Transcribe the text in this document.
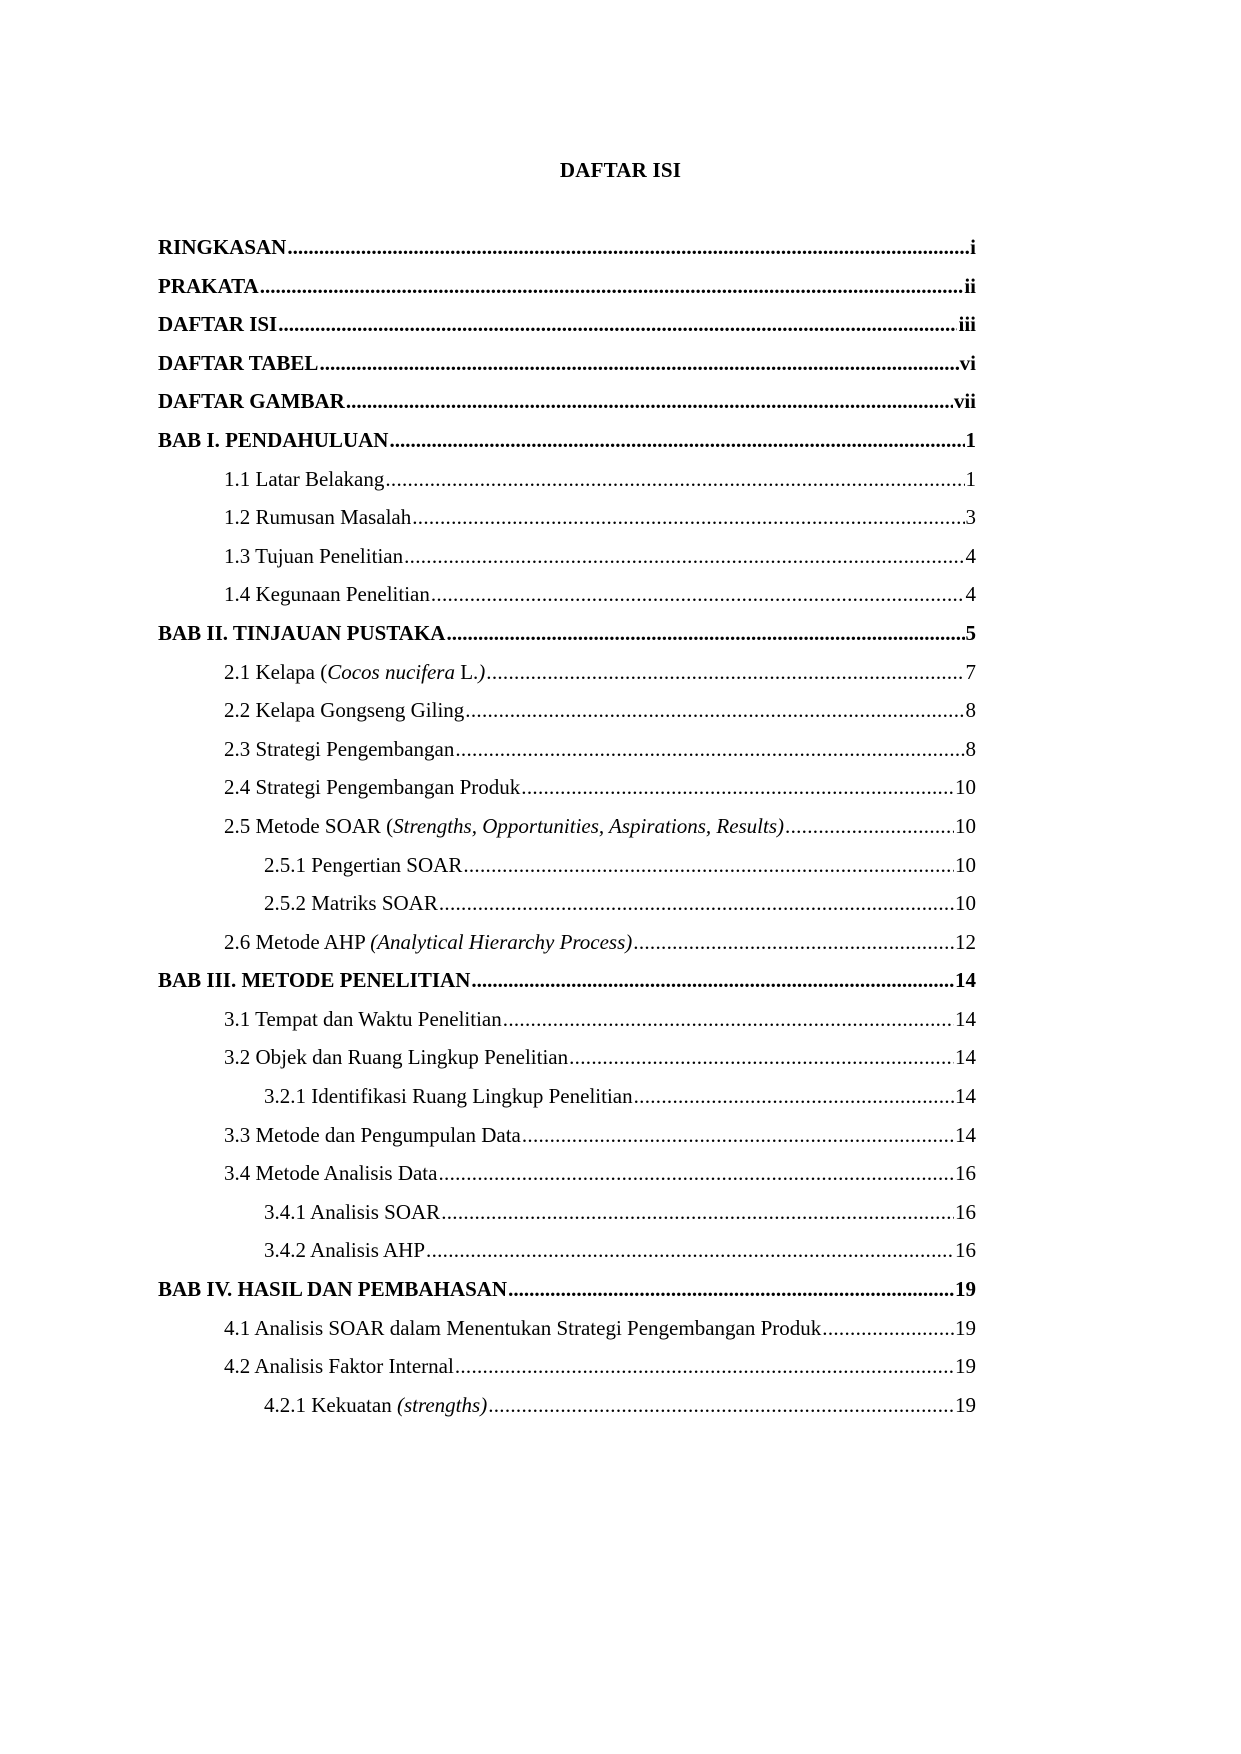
DAFTAR ISI
RINGKASAN .....	i
PRAKATA .....	ii
DAFTAR ISI .....	iii
DAFTAR TABEL .....	vi
DAFTAR GAMBAR .....	vii
BAB I. PENDAHULUAN .....	1
1.1 Latar Belakang .....	1
1.2 Rumusan Masalah .....	3
1.3 Tujuan Penelitian .....	4
1.4 Kegunaan Penelitian .....	4
BAB II. TINJAUAN PUSTAKA .....	5
2.1 Kelapa (Cocos nucifera L.) .....	7
2.2 Kelapa Gongseng Giling .....	8
2.3 Strategi Pengembangan .....	8
2.4 Strategi Pengembangan Produk .....	10
2.5 Metode SOAR (Strengths, Opportunities, Aspirations, Results) .....	10
2.5.1 Pengertian SOAR .....	10
2.5.2 Matriks SOAR .....	10
2.6 Metode AHP (Analytical Hierarchy Process) .....	12
BAB III. METODE PENELITIAN .....	14
3.1 Tempat dan Waktu Penelitian .....	14
3.2 Objek dan Ruang Lingkup Penelitian .....	14
3.2.1 Identifikasi Ruang Lingkup Penelitian .....	14
3.3 Metode dan Pengumpulan Data .....	14
3.4 Metode Analisis Data .....	16
3.4.1 Analisis SOAR .....	16
3.4.2 Analisis AHP .....	16
BAB IV. HASIL DAN PEMBAHASAN .....	19
4.1 Analisis SOAR dalam Menentukan Strategi Pengembangan Produk .....	19
4.2 Analisis Faktor Internal .....	19
4.2.1 Kekuatan (strengths) .....	19
